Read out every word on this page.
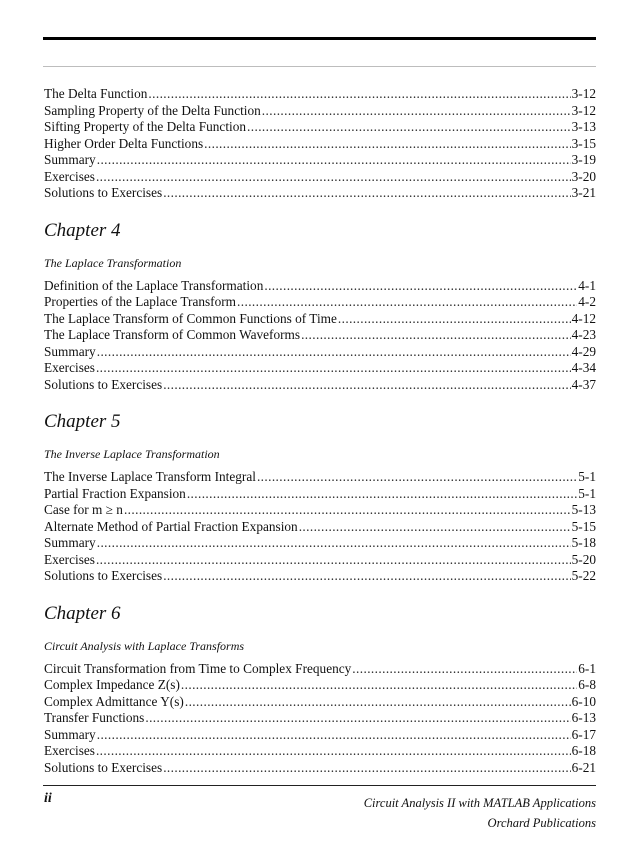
The Delta Function .....	3-12
Sampling Property of the Delta Function .....	3-12
Sifting Property of the Delta Function .....	3-13
Higher Order Delta Functions .....	3-15
Summary .....	3-19
Exercises .....	3-20
Solutions to Exercises .....	3-21
Chapter 4
The Laplace Transformation
Definition of the Laplace Transformation .....	4-1
Properties of the Laplace Transform .....	4-2
The Laplace Transform of Common Functions of Time .....	4-12
The Laplace Transform of Common Waveforms .....	4-23
Summary .....	4-29
Exercises .....	4-34
Solutions to Exercises .....	4-37
Chapter 5
The Inverse Laplace Transformation
The Inverse Laplace Transform Integral .....	5-1
Partial Fraction Expansion .....	5-1
Case for m ≥ n .....	5-13
Alternate Method of Partial Fraction Expansion .....	5-15
Summary .....	5-18
Exercises .....	5-20
Solutions to Exercises .....	5-22
Chapter 6
Circuit Analysis with Laplace Transforms
Circuit Transformation from Time to Complex Frequency .....	6-1
Complex Impedance Z(s) .....	6-8
Complex Admittance Y(s) .....	6-10
Transfer Functions .....	6-13
Summary .....	6-17
Exercises .....	6-18
Solutions to Exercises .....	6-21
ii	Circuit Analysis II with MATLAB Applications
Orchard Publications
